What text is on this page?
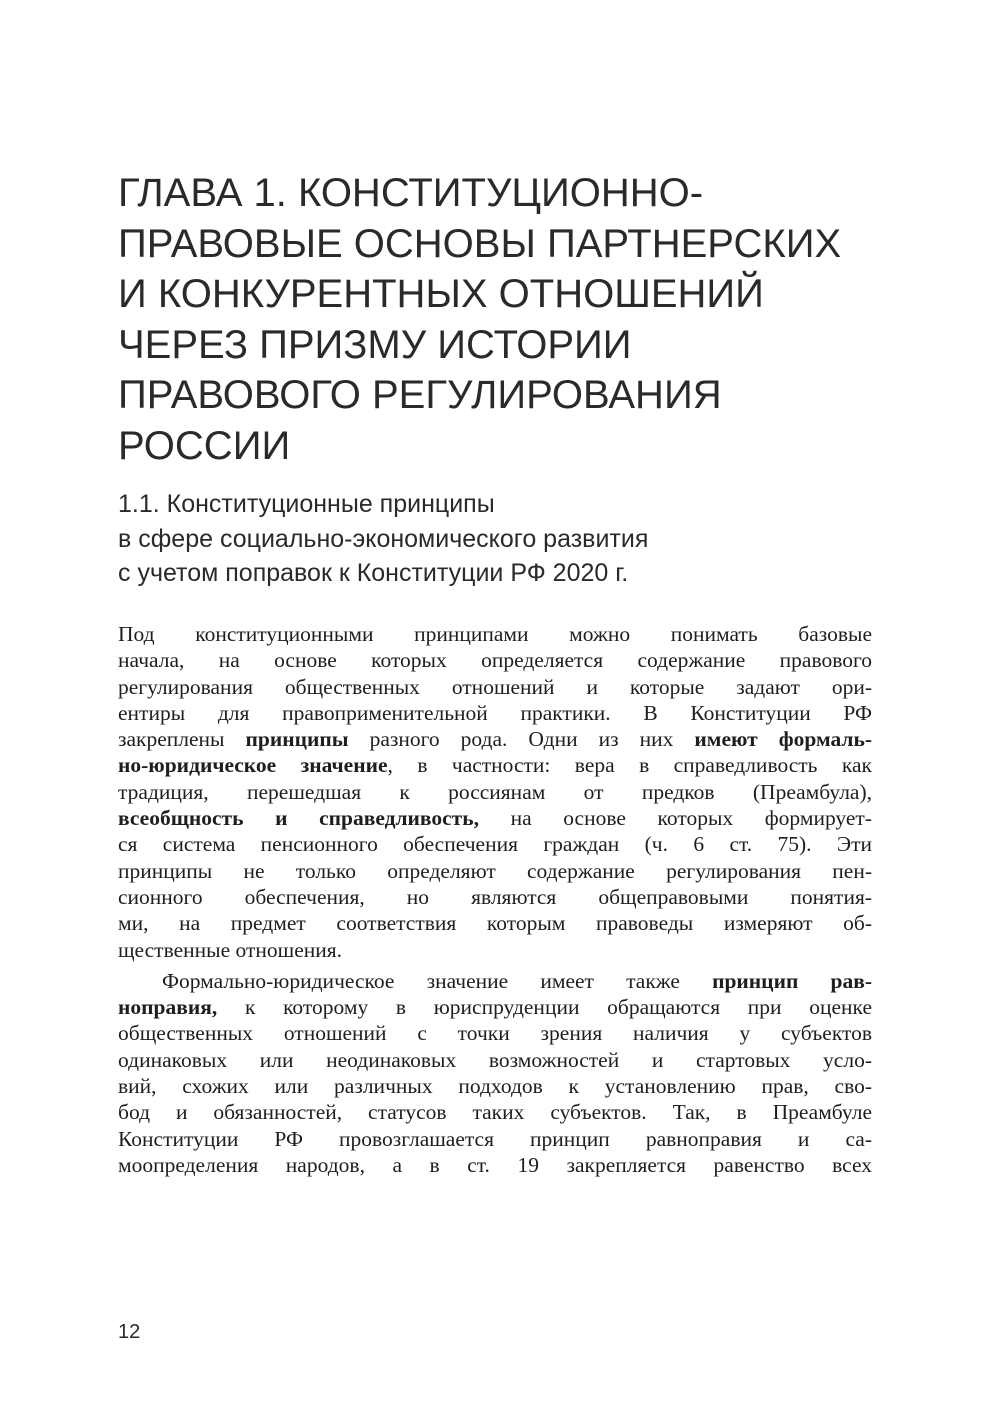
ГЛАВА 1. КОНСТИТУЦИОННО-
ПРАВОВЫЕ ОСНОВЫ ПАРТНЕРСКИХ
И КОНКУРЕНТНЫХ ОТНОШЕНИЙ
ЧЕРЕЗ ПРИЗМУ ИСТОРИИ
ПРАВОВОГО РЕГУЛИРОВАНИЯ
РОССИИ
1.1. Конституционные принципы
в сфере социально-экономического развития
с учетом поправок к Конституции РФ 2020 г.
Под конституционными принципами можно понимать базовые
начала, на основе которых определяется содержание правового
регулирования общественных отношений и которые задают ори-
ентиры для правоприменительной практики. В Конституции РФ
закреплены принципы разного рода. Одни из них имеют формаль-
но-юридическое значение, в частности: вера в справедливость как
традиция, перешедшая к россиянам от предков (Преамбула),
всеобщность и справедливость, на основе которых формирует-
ся система пенсионного обеспечения граждан (ч. 6 ст. 75). Эти
принципы не только определяют содержание регулирования пен-
сионного обеспечения, но являются общеправовыми понятия-
ми, на предмет соответствия которым правоведы измеряют об-
щественные отношения.
Формально-юридическое значение имеет также принцип рав-
ноправия, к которому в юриспруденции обращаются при оценке
общественных отношений с точки зрения наличия у субъектов
одинаковых или неодинаковых возможностей и стартовых усло-
вий, схожих или различных подходов к установлению прав, сво-
бод и обязанностей, статусов таких субъектов. Так, в Преамбуле
Конституции РФ провозглашается принцип равноправия и са-
моопределения народов, а в ст. 19 закрепляется равенство всех
12
